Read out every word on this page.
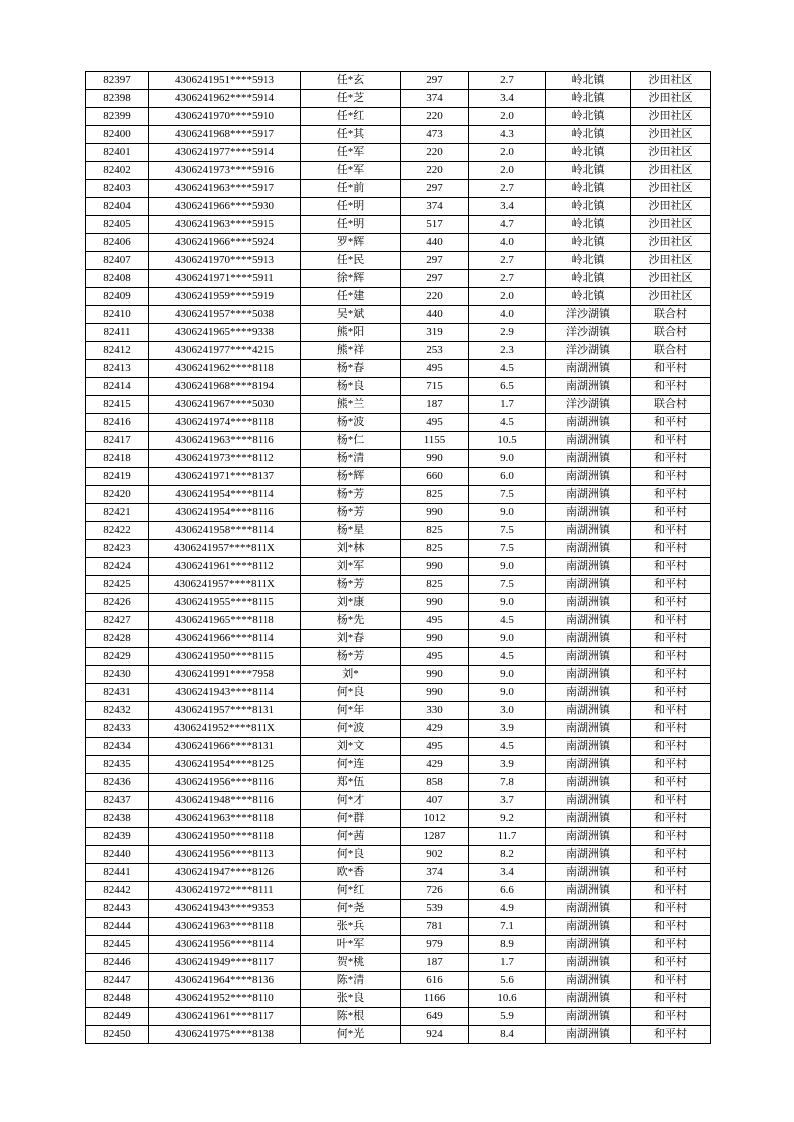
82397	4306241951****5913	任*玄	297	2.7	岭北镇	沙田社区
82398	4306241962****5914	任*芝	374	3.4	岭北镇	沙田社区
82399	4306241970****5910	任*红	220	2.0	岭北镇	沙田社区
82400	4306241968****5917	任*其	473	4.3	岭北镇	沙田社区
82401	4306241977****5914	任*军	220	2.0	岭北镇	沙田社区
82402	4306241973****5916	任*军	220	2.0	岭北镇	沙田社区
82403	4306241963****5917	任*前	297	2.7	岭北镇	沙田社区
82404	4306241966****5930	任*明	374	3.4	岭北镇	沙田社区
82405	4306241963****5915	任*明	517	4.7	岭北镇	沙田社区
82406	4306241966****5924	罗*辉	440	4.0	岭北镇	沙田社区
82407	4306241970****5913	任*民	297	2.7	岭北镇	沙田社区
82408	4306241971****5911	徐*辉	297	2.7	岭北镇	沙田社区
82409	4306241959****5919	任*建	220	2.0	岭北镇	沙田社区
82410	4306241957****5038	吴*斌	440	4.0	洋沙湖镇	联合村
82411	4306241965****9338	熊*阳	319	2.9	洋沙湖镇	联合村
82412	4306241977****4215	熊*祥	253	2.3	洋沙湖镇	联合村
82413	4306241962****8118	杨*春	495	4.5	南湖洲镇	和平村
82414	4306241968****8194	杨*良	715	6.5	南湖洲镇	和平村
82415	4306241967****5030	熊*兰	187	1.7	洋沙湖镇	联合村
82416	4306241974****8118	杨*波	495	4.5	南湖洲镇	和平村
82417	4306241963****8116	杨*仁	1155	10.5	南湖洲镇	和平村
82418	4306241973****8112	杨*清	990	9.0	南湖洲镇	和平村
82419	4306241971****8137	杨*辉	660	6.0	南湖洲镇	和平村
82420	4306241954****8114	杨*芳	825	7.5	南湖洲镇	和平村
82421	4306241954****8116	杨*芳	990	9.0	南湖洲镇	和平村
82422	4306241958****8114	杨*星	825	7.5	南湖洲镇	和平村
82423	4306241957****811X	刘*林	825	7.5	南湖洲镇	和平村
82424	4306241961****8112	刘*军	990	9.0	南湖洲镇	和平村
82425	4306241957****811X	杨*芳	825	7.5	南湖洲镇	和平村
82426	4306241955****8115	刘*康	990	9.0	南湖洲镇	和平村
82427	4306241965****8118	杨*先	495	4.5	南湖洲镇	和平村
82428	4306241966****8114	刘*春	990	9.0	南湖洲镇	和平村
82429	4306241950****8115	杨*芳	495	4.5	南湖洲镇	和平村
82430	4306241991****7958	刘*	990	9.0	南湖洲镇	和平村
82431	4306241943****8114	何*良	990	9.0	南湖洲镇	和平村
82432	4306241957****8131	何*年	330	3.0	南湖洲镇	和平村
82433	4306241952****811X	何*波	429	3.9	南湖洲镇	和平村
82434	4306241966****8131	刘*文	495	4.5	南湖洲镇	和平村
82435	4306241954****8125	何*连	429	3.9	南湖洲镇	和平村
82436	4306241956****8116	郑*伍	858	7.8	南湖洲镇	和平村
82437	4306241948****8116	何*才	407	3.7	南湖洲镇	和平村
82438	4306241963****8118	何*群	1012	9.2	南湖洲镇	和平村
82439	4306241950****8118	何*茜	1287	11.7	南湖洲镇	和平村
82440	4306241956****8113	何*良	902	8.2	南湖洲镇	和平村
82441	4306241947****8126	欧*香	374	3.4	南湖洲镇	和平村
82442	4306241972****8111	何*红	726	6.6	南湖洲镇	和平村
82443	4306241943****9353	何*尧	539	4.9	南湖洲镇	和平村
82444	4306241963****8118	张*兵	781	7.1	南湖洲镇	和平村
82445	4306241956****8114	叶*军	979	8.9	南湖洲镇	和平村
82446	4306241949****8117	贺*桃	187	1.7	南湖洲镇	和平村
82447	4306241964****8136	陈*清	616	5.6	南湖洲镇	和平村
82448	4306241952****8110	张*良	1166	10.6	南湖洲镇	和平村
82449	4306241961****8117	陈*根	649	5.9	南湖洲镇	和平村
82450	4306241975****8138	何*光	924	8.4	南湖洲镇	和平村
